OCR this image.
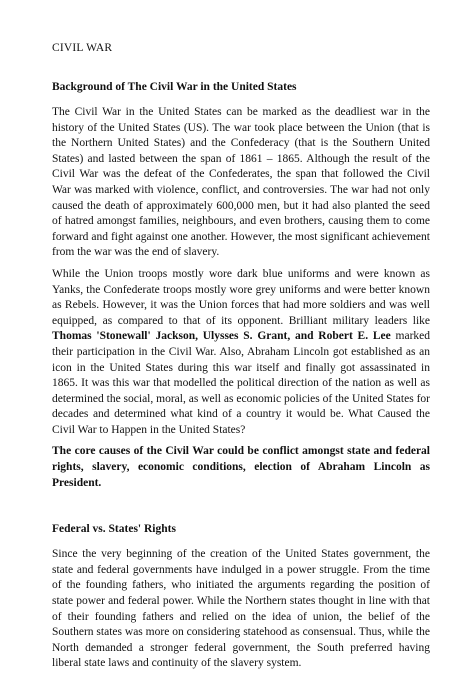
CIVIL WAR
Background of The Civil War in the United States

The Civil War in the United States can be marked as the deadliest war in the history of the United States (US). The war took place between the Union (that is the Northern United States) and the Confederacy (that is the Southern United States) and lasted between the span of 1861 – 1865. Although the result of the Civil War was the defeat of the Confederates, the span that followed the Civil War was marked with violence, conflict, and controversies. The war had not only caused the death of approximately 600,000 men, but it had also planted the seed of hatred amongst families, neighbours, and even brothers, causing them to come forward and fight against one another. However, the most significant achievement from the war was the end of slavery.

While the Union troops mostly wore dark blue uniforms and were known as Yanks, the Confederate troops mostly wore grey uniforms and were better known as Rebels. However, it was the Union forces that had more soldiers and was well equipped, as compared to that of its opponent. Brilliant military leaders like Thomas 'Stonewall' Jackson, Ulysses S. Grant, and Robert E. Lee marked their participation in the Civil War. Also, Abraham Lincoln got established as an icon in the United States during this war itself and finally got assassinated in 1865. It was this war that modelled the political direction of the nation as well as determined the social, moral, as well as economic policies of the United States for decades and determined what kind of a country it would be. What Caused the Civil War to Happen in the United States?

The core causes of the Civil War could be conflict amongst state and federal rights, slavery, economic conditions, election of Abraham Lincoln as President.

Federal vs. States' Rights

Since the very beginning of the creation of the United States government, the state and federal governments have indulged in a power struggle. From the time of the founding fathers, who initiated the arguments regarding the position of state power and federal power. While the Northern states thought in line with that of their founding fathers and relied on the idea of union, the belief of the Southern states was more on considering statehood as consensual. Thus, while the North demanded a stronger federal government, the South preferred having liberal state laws and continuity of the slavery system.
